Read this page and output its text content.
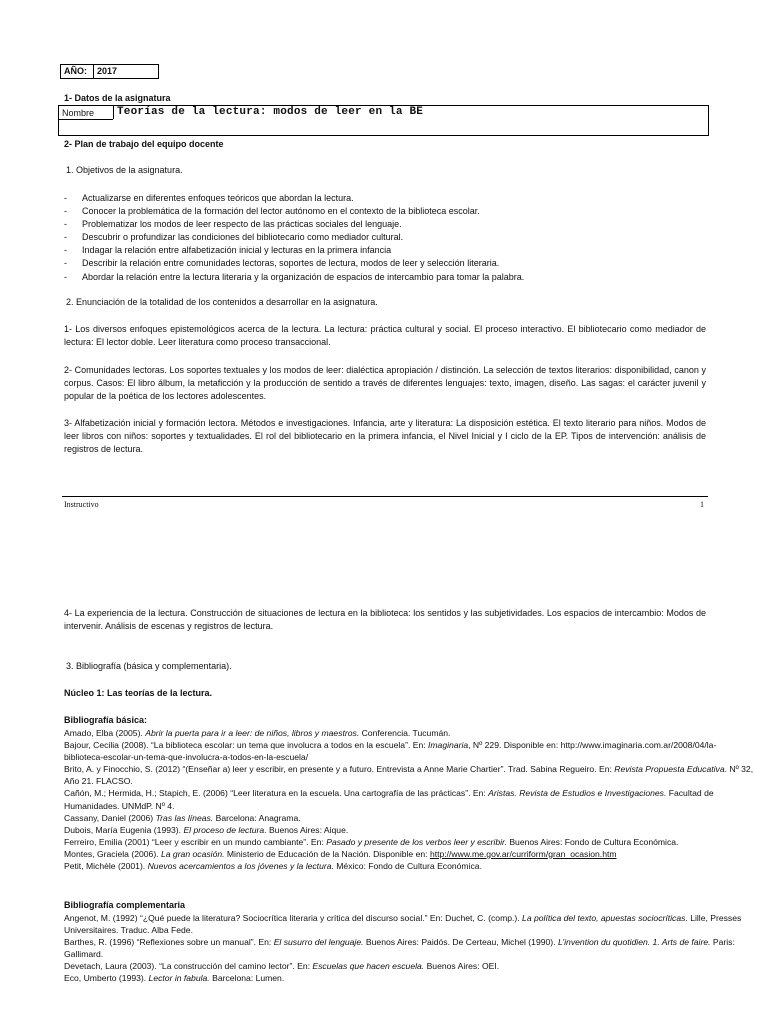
AÑO: 2017
1- Datos de la asignatura
Nombre Teorías de la lectura: modos de leer en la BE
2- Plan de trabajo del equipo docente
1. Objetivos de la asignatura.
-	Actualizarse en diferentes enfoques teóricos que abordan la lectura.
-	Conocer la problemática de la formación del lector autónomo en el contexto de la biblioteca escolar.
-	Problematizar los modos de leer respecto de las prácticas sociales del lenguaje.
-	Descubrir o profundizar las condiciones del bibliotecario como mediador cultural.
-	Indagar la relación entre alfabetización inicial y lecturas en la primera infancia
-	Describir la relación entre comunidades lectoras, soportes de lectura, modos de leer y selección literaria.
-	Abordar la relación entre la lectura literaria y la organización de espacios de intercambio para tomar la palabra.
2. Enunciación de la totalidad de los contenidos a desarrollar en la asignatura.
1- Los diversos enfoques epistemológicos acerca de la lectura. La lectura: práctica cultural y social. El proceso interactivo. El bibliotecario como mediador de lectura: El lector doble. Leer literatura como proceso transaccional.
2- Comunidades lectoras. Los soportes textuales y los modos de leer: dialéctica apropiación / distinción. La selección de textos literarios: disponibilidad, canon y corpus. Casos: El libro álbum, la metaficción y la producción de sentido a través de diferentes lenguajes: texto, imagen, diseño. Las sagas: el carácter juvenil y popular de la poética de los lectores adolescentes.
3- Alfabetización inicial y formación lectora. Métodos e investigaciones. Infancia, arte y literatura: La disposición estética. El texto literario para niños. Modos de leer libros con niños: soportes y textualidades. El rol del bibliotecario en la primera infancia, el Nivel Inicial y I ciclo de la EP. Tipos de intervención: análisis de registros de lectura.
Instructivo	1
4- La experiencia de la lectura. Construcción de situaciones de lectura en la biblioteca: los sentidos y las subjetividades. Los espacios de intercambio: Modos de intervenir. Análisis de escenas y registros de lectura.
3. Bibliografía (básica y complementaria).
Núcleo 1: Las teorías de la lectura.
Bibliografía básica:
Amado, Elba (2005). Abrir la puerta para ir a leer: de niños, libros y maestros. Conferencia. Tucumán.
Bajour, Cecilia (2008). “La biblioteca escolar: un tema que involucra a todos en la escuela”. En: Imaginaria, Nº 229. Disponible en: http://www.imaginaria.com.ar/2008/04/la-biblioteca-escolar-un-tema-que-involucra-a-todos-en-la-escuela/
Brito, A. y Finocchio, S. (2012) “(Enseñar a) leer y escribir, en presente y a futuro. Entrevista a Anne Marie Chartier”. Trad. Sabina Regueiro. En: Revista Propuesta Educativa. Nº 32, Año 21. FLACSO.
Cañón, M.; Hermida, H.; Stapich, E. (2006) “Leer literatura en la escuela. Una cartografía de las prácticas”. En: Aristas. Revista de Estudios e Investigaciones. Facultad de Humanidades. UNMdP. Nº 4.
Cassany, Daniel (2006) Tras las líneas. Barcelona: Anagrama.
Dubois, María Eugenia (1993). El proceso de lectura. Buenos Aires: Aique.
Ferreiro, Emilia (2001) “Leer y escribir en un mundo cambiante”. En: Pasado y presente de los verbos leer y escribir. Buenos Aires: Fondo de Cultura Económica.
Montes, Graciela (2006). La gran ocasión. Ministerio de Educación de la Nación. Disponible en: http://www.me.gov.ar/curriform/gran_ocasion.htm
Petit, Michèle (2001). Nuevos acercamientos a los jóvenes y la lectura. México: Fondo de Cultura Económica.
Bibliografía complementaria
Angenot, M. (1992) “¿Qué puede la literatura? Sociocrítica literaria y crítica del discurso social.” En: Duchet, C. (comp.). La política del texto, apuestas sociocríticas. Lille, Presses Universitaires. Traduc. Alba Fede.
Barthes, R. (1996) “Reflexiones sobre un manual”. En: El susurro del lenguaje. Buenos Aires: Paidós. De Certeau, Michel (1990). L’invention du quotidien. 1. Arts de faire. Paris: Gallimard.
Devetach, Laura (2003). “La construcción del camino lector”. En: Escuelas que hacen escuela. Buenos Aires: OEI.
Eco, Umberto (1993). Lector in fabula. Barcelona: Lumen.
